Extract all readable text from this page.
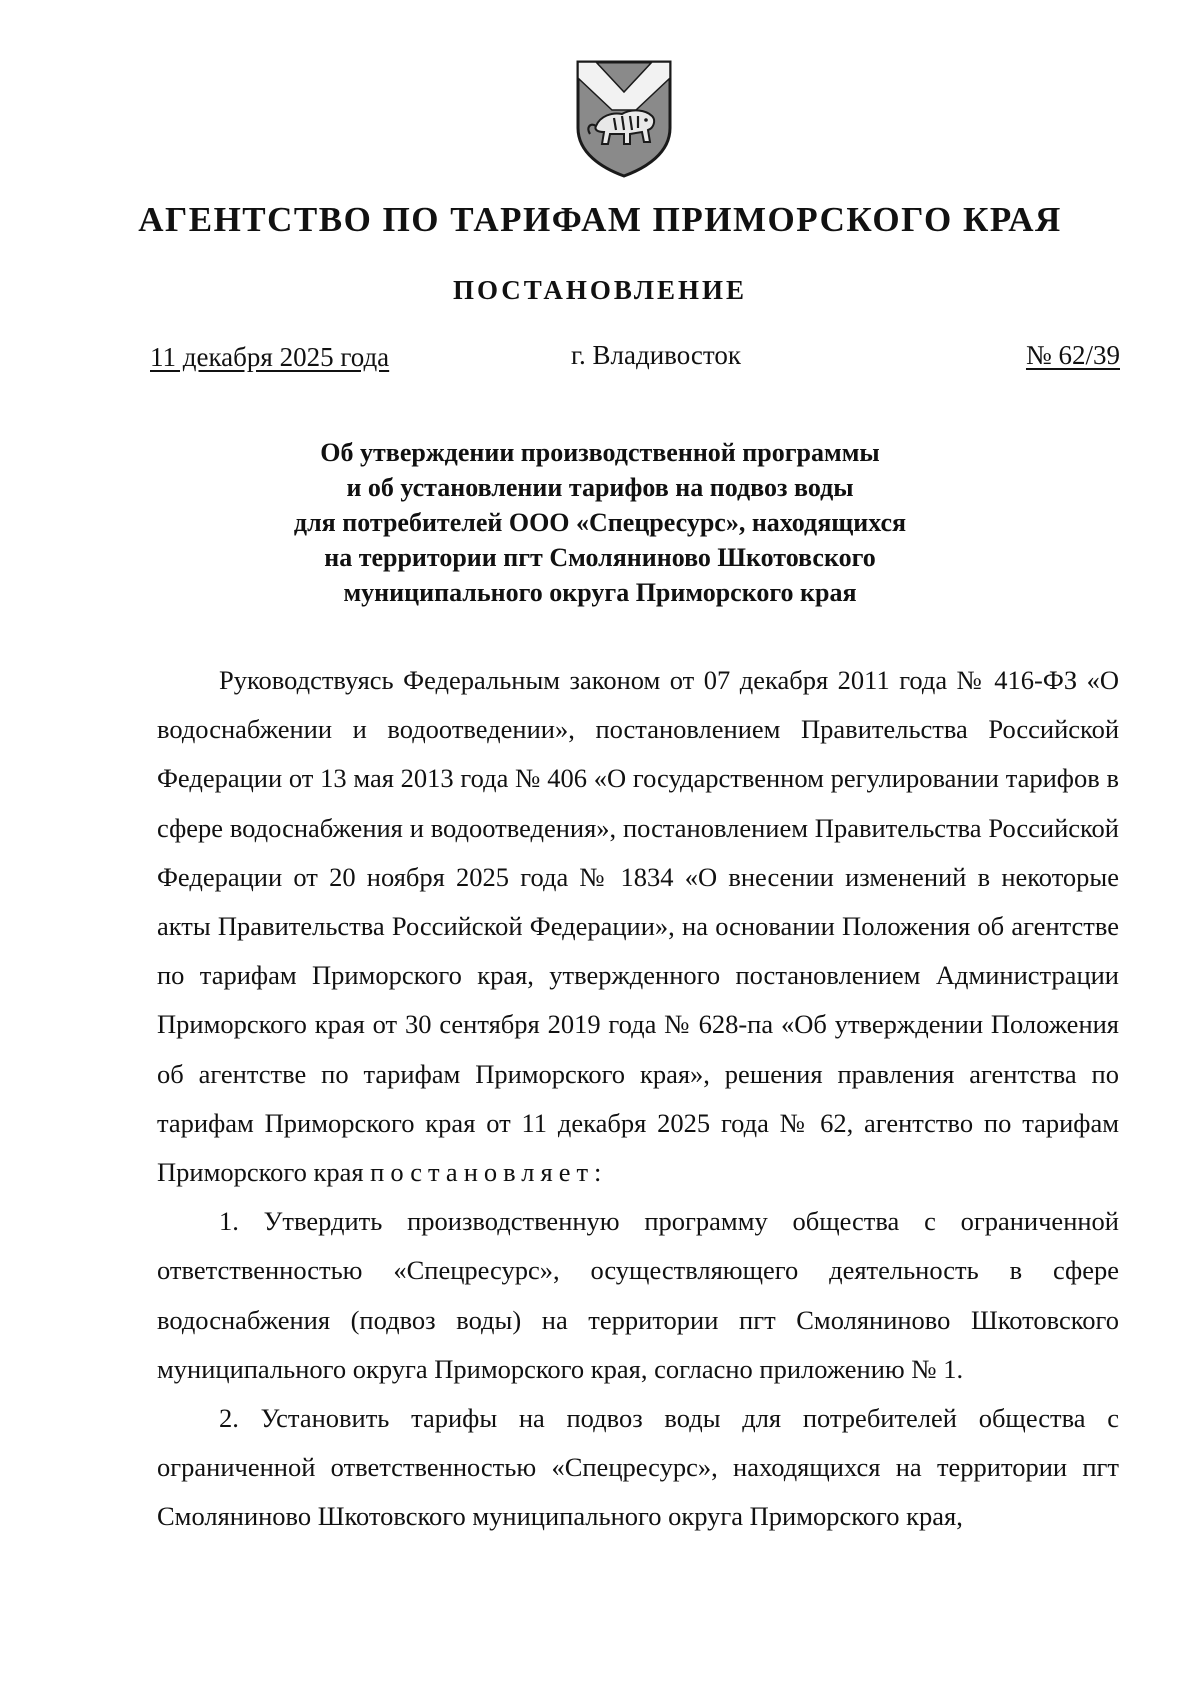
АГЕНТСТВО ПО ТАРИФАМ ПРИМОРСКОГО КРАЯ
ПОСТАНОВЛЕНИЕ
11 декабря 2025 года	г. Владивосток	№ 62/39
Об утверждении производственной программы
и об установлении тарифов на подвоз воды
для потребителей ООО «Спецресурс», находящихся
на территории пгт Смоляниново Шкотовского
муниципального округа Приморского края

Руководствуясь Федеральным законом от 07 декабря 2011 года № 416-ФЗ «О водоснабжении и водоотведении», постановлением Правительства Российской Федерации от 13 мая 2013 года № 406 «О государственном регулировании тарифов в сфере водоснабжения и водоотведения», постановлением Правительства Российской Федерации от 20 ноября 2025 года № 1834 «О внесении изменений в некоторые акты Правительства Российской Федерации», на основании Положения об агентстве по тарифам Приморского края, утвержденного постановлением Администрации Приморского края от 30 сентября 2019 года № 628-па «Об утверждении Положения об агентстве по тарифам Приморского края», решения правления агентства по тарифам Приморского края от 11 декабря 2025 года № 62, агентство по тарифам Приморского края постановляет:

1. Утвердить производственную программу общества с ограниченной ответственностью «Спецресурс», осуществляющего деятельность в сфере водоснабжения (подвоз воды) на территории пгт Смоляниново Шкотовского муниципального округа Приморского края, согласно приложению № 1.

2. Установить тарифы на подвоз воды для потребителей общества с ограниченной ответственностью «Спецресурс», находящихся на территории пгт Смоляниново Шкотовского муниципального округа Приморского края,
